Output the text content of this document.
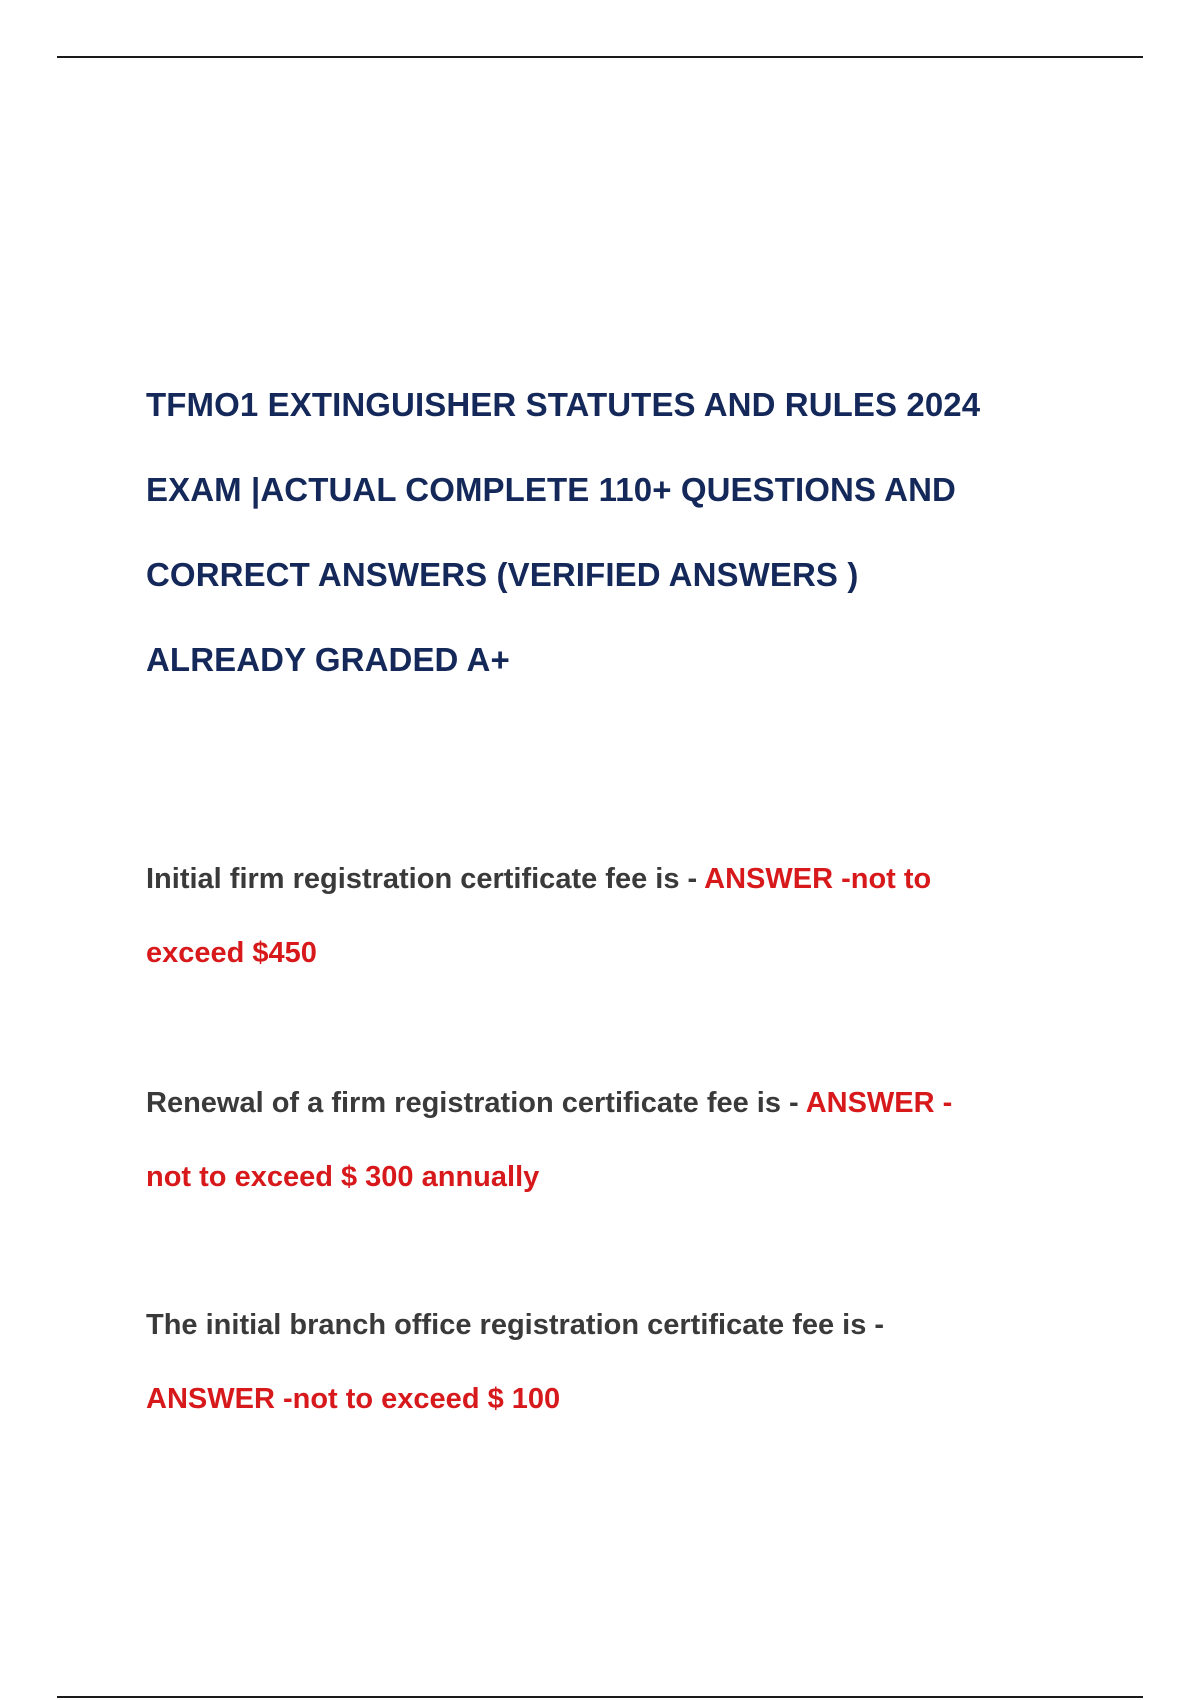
TFMO1 EXTINGUISHER STATUTES AND RULES 2024
EXAM |ACTUAL COMPLETE 110+ QUESTIONS AND
CORRECT ANSWERS (VERIFIED ANSWERS )
ALREADY GRADED A+
Initial firm registration certificate fee is - ANSWER -not to
exceed $450
Renewal of a firm registration certificate fee is - ANSWER -
not to exceed $ 300 annually
The initial branch office registration certificate fee is -
ANSWER -not to exceed $ 100
